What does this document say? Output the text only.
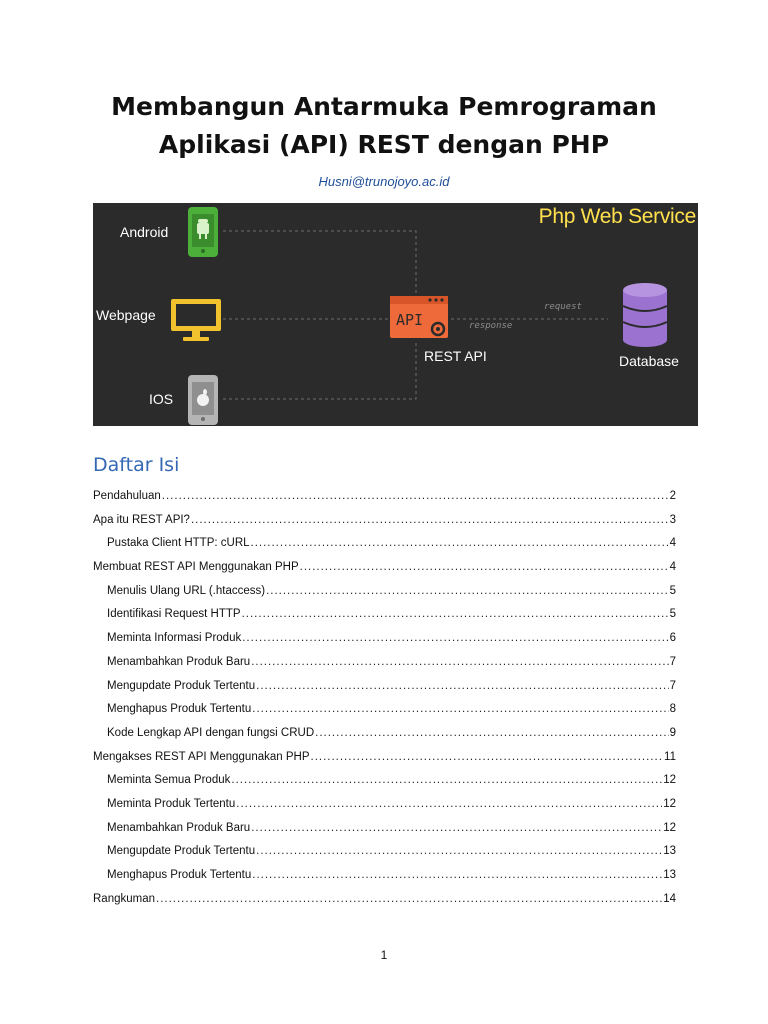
Membangun Antarmuka Pemrograman
Aplikasi (API) REST dengan PHP
Husni@trunojoyo.ac.id
Php Web Service
Android
Webpage
IOS
API
REST API	Database
request
response
Daftar Isi
Pendahuluan .....	2
Apa itu REST API? .....	3
Pustaka Client HTTP: cURL .....	4
Membuat REST API Menggunakan PHP .....	4
Menulis Ulang URL (.htaccess) .....	5
Identifikasi Request HTTP .....	5
Meminta Informasi Produk .....	6
Menambahkan Produk Baru .....	7
Mengupdate Produk Tertentu .....	7
Menghapus Produk Tertentu .....	8
Kode Lengkap API dengan fungsi CRUD .....	9
Mengakses REST API Menggunakan PHP .....	11
Meminta Semua Produk .....	12
Meminta Produk Tertentu .....	12
Menambahkan Produk Baru .....	12
Mengupdate Produk Tertentu .....	13
Menghapus Produk Tertentu .....	13
Rangkuman .....	14
1
